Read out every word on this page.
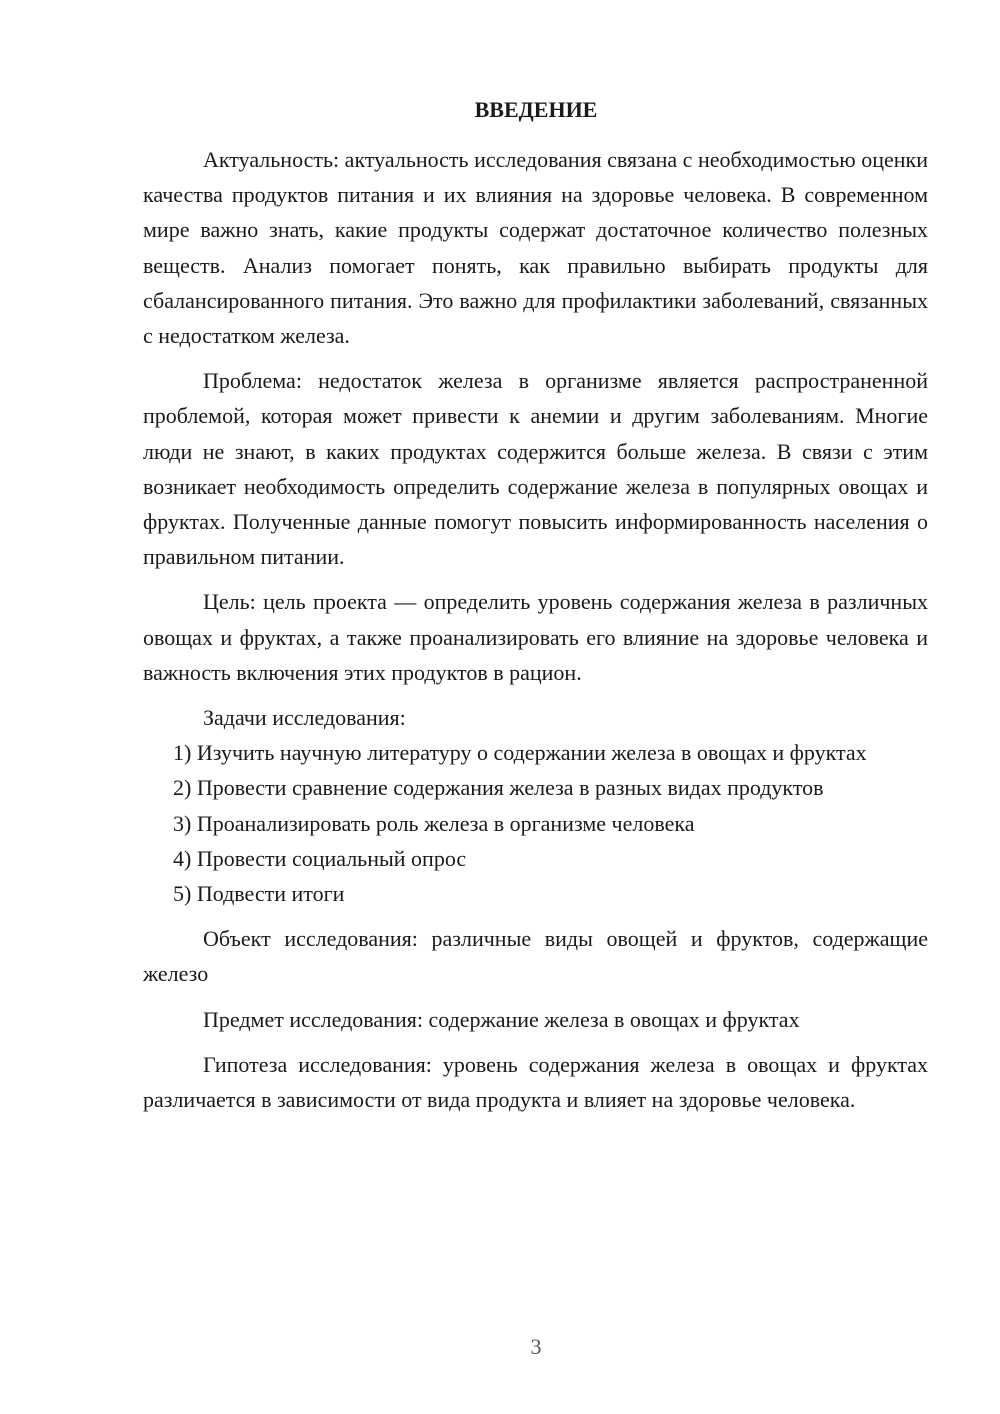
ВВЕДЕНИЕ

Актуальность: актуальность исследования связана с необходимостью оценки качества продуктов питания и их влияния на здоровье человека. В современном мире важно знать, какие продукты содержат достаточное количество полезных веществ. Анализ помогает понять, как правильно выбирать продукты для сбалансированного питания. Это важно для профилактики заболеваний, связанных с недостатком железа.

Проблема: недостаток железа в организме является распространенной проблемой, которая может привести к анемии и другим заболеваниям. Многие люди не знают, в каких продуктах содержится больше железа. В связи с этим возникает необходимость определить содержание железа в популярных овощах и фруктах. Полученные данные помогут повысить информированность населения о правильном питании.

Цель: цель проекта — определить уровень содержания железа в различных овощах и фруктах, а также проанализировать его влияние на здоровье человека и важность включения этих продуктов в рацион.

Задачи исследования:

1) Изучить научную литературу о содержании железа в овощах и фруктах

2) Провести сравнение содержания железа в разных видах продуктов

3) Проанализировать роль железа в организме человека

4) Провести социальный опрос

5) Подвести итоги

Объект исследования: различные виды овощей и фруктов, содержащие железо

Предмет исследования: содержание железа в овощах и фруктах

Гипотеза исследования: уровень содержания железа в овощах и фруктах различается в зависимости от вида продукта и влияет на здоровье человека.

3
